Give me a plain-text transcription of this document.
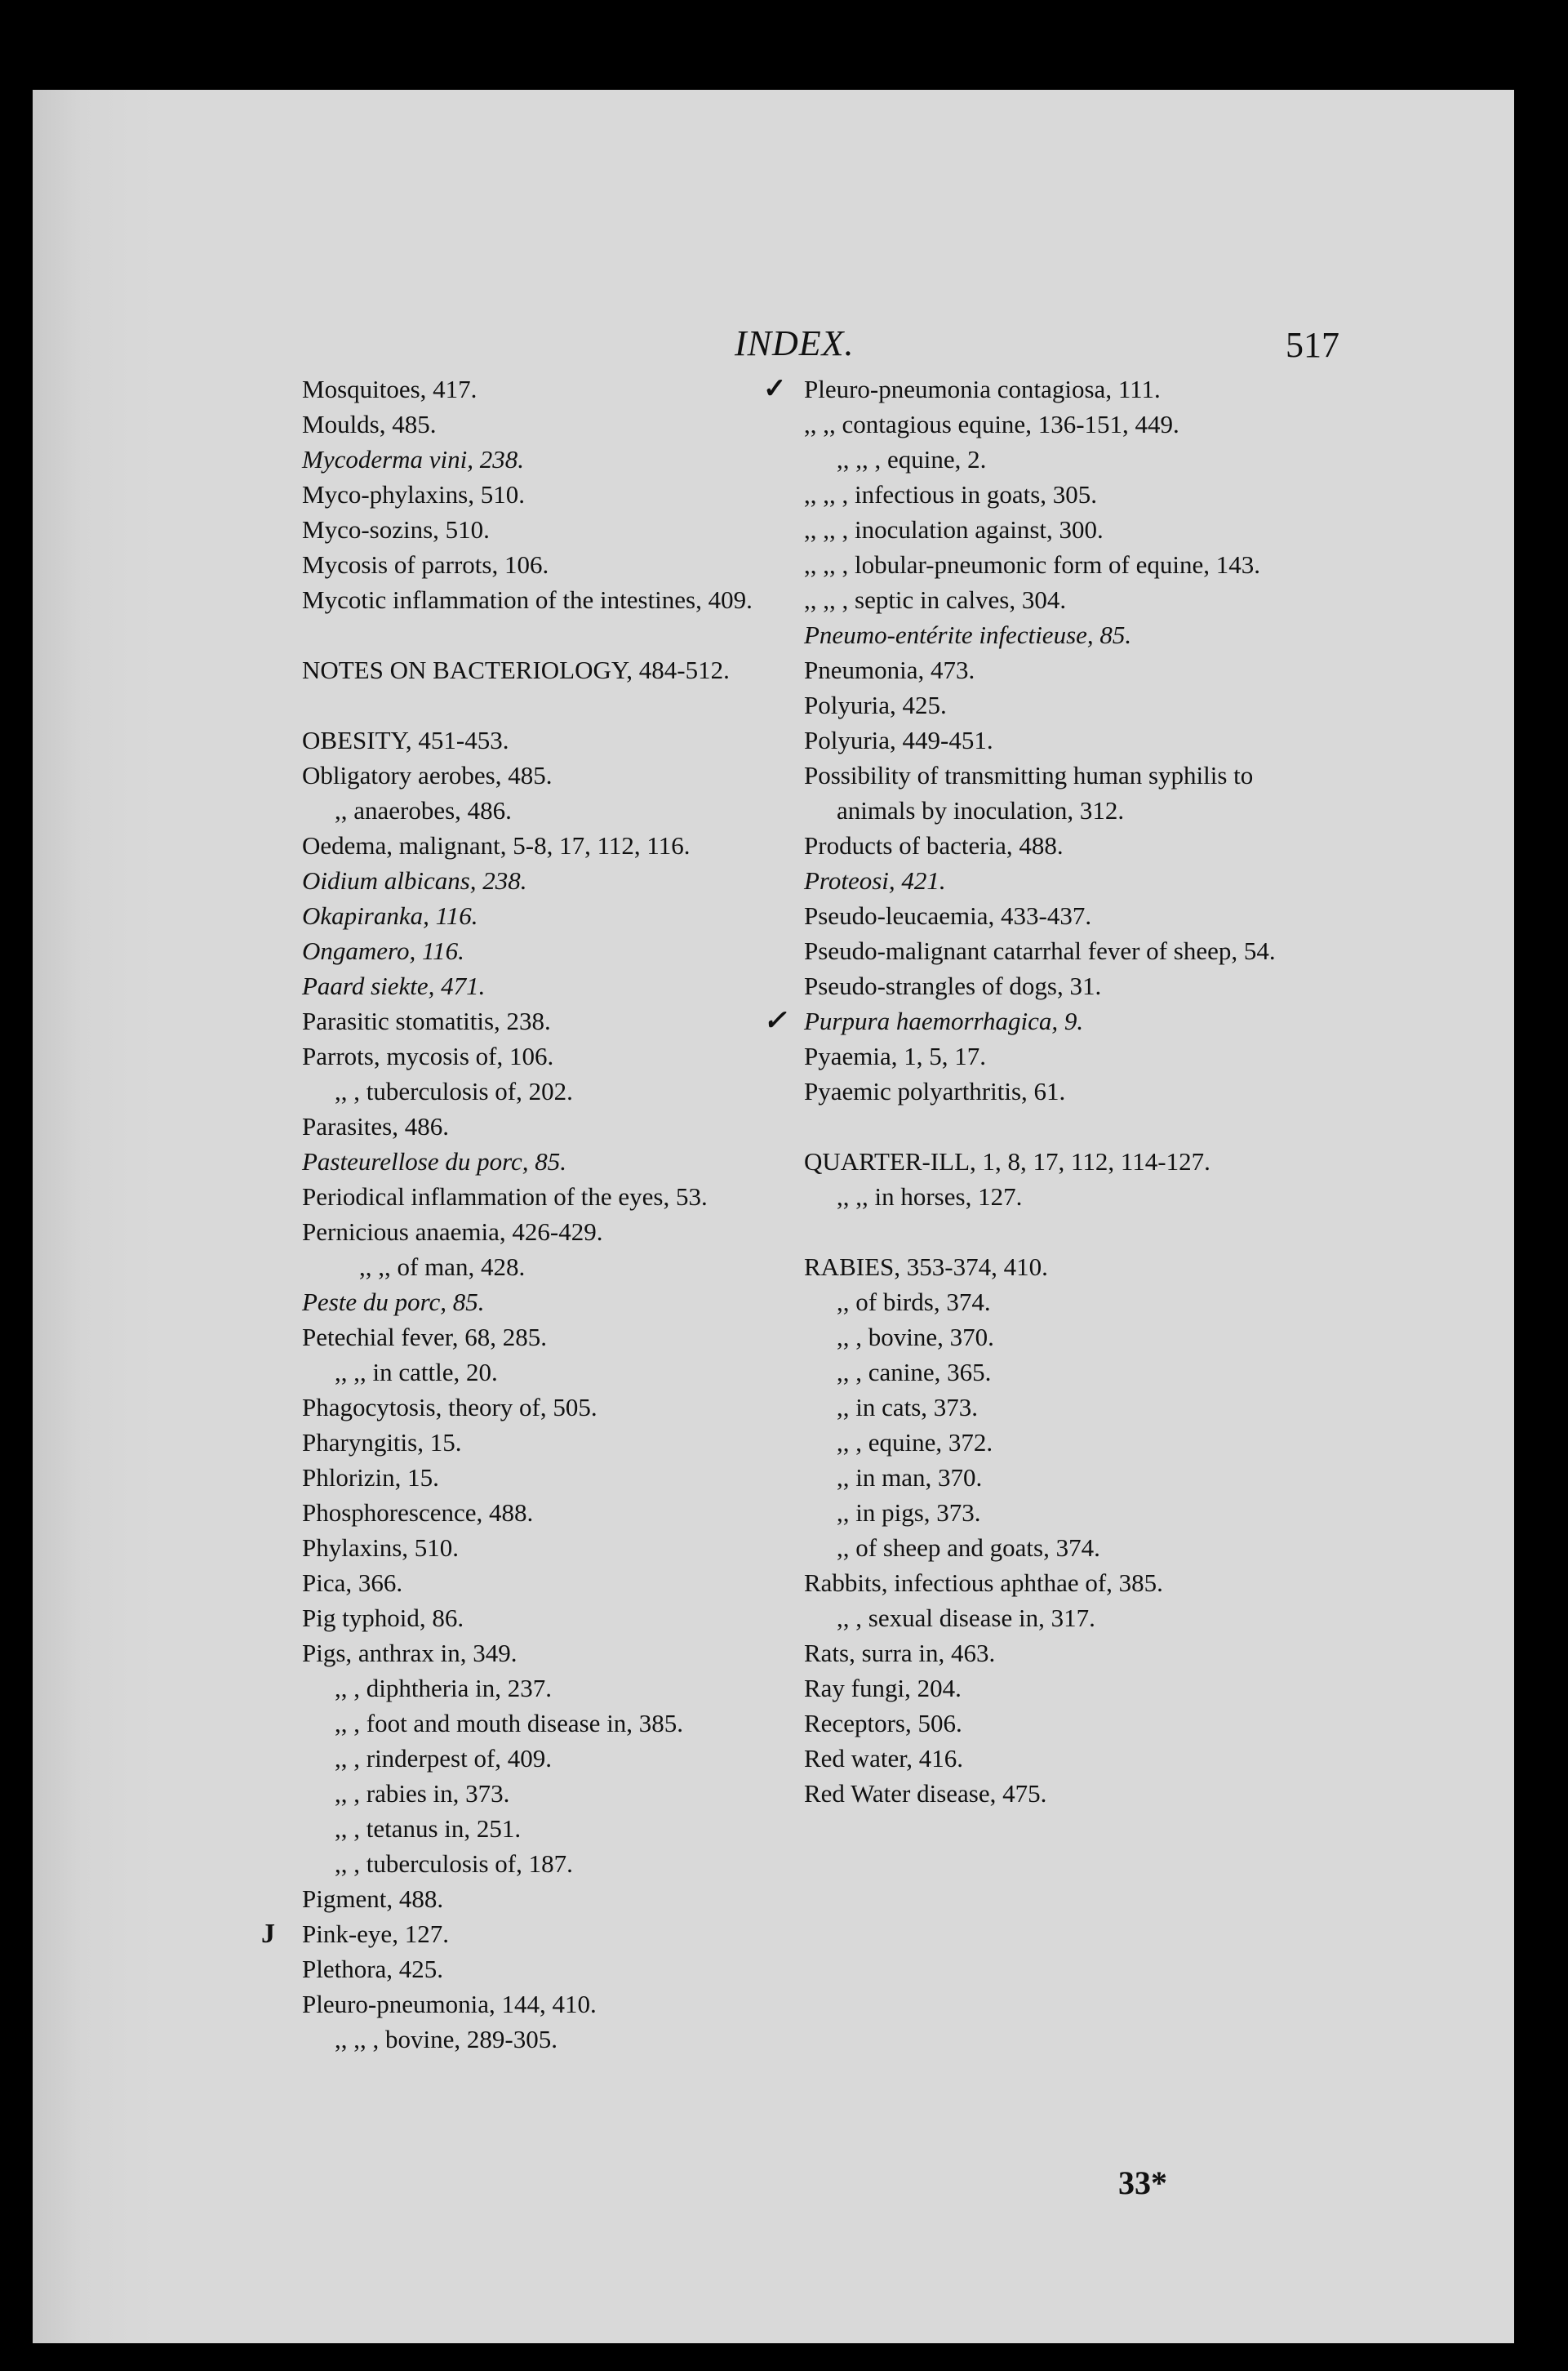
INDEX.	517
Mosquitoes, 417.
Moulds, 485.
Mycoderma vini, 238.
Myco-phylaxins, 510.
Myco-sozins, 510.
Mycosis of parrots, 106.
Mycotic inflammation of the intestines, 409.
NOTES ON BACTERIOLOGY, 484-512.
OBESITY, 451-453.
Obligatory aerobes, 485.
,, anaerobes, 486.
Oedema, malignant, 5-8, 17, 112, 116.
Oidium albicans, 238.
Okapiranka, 116.
Ongamero, 116.
Paard siekte, 471.
Parasitic stomatitis, 238.
Parrots, mycosis of, 106.
,, , tuberculosis of, 202.
Parasites, 486.
Pasteurellose du porc, 85.
Periodical inflammation of the eyes, 53.
Pernicious anaemia, 426-429.
,, ,, of man, 428.
Peste du porc, 85.
Petechial fever, 68, 285.
,, ,, in cattle, 20.
Phagocytosis, theory of, 505.
Pharyngitis, 15.
Phlorizin, 15.
Phosphorescence, 488.
Phylaxins, 510.
Pica, 366.
Pig typhoid, 86.
Pigs, anthrax in, 349.
,, , diphtheria in, 237.
,, , foot and mouth disease in, 385.
,, , rinderpest of, 409.
,, , rabies in, 373.
,, , tetanus in, 251.
,, , tuberculosis of, 187.
Pigment, 488.
J Pink-eye, 127.
Plethora, 425.
Pleuro-pneumonia, 144, 410.
,, ,, , bovine, 289-305.
✓ Pleuro-pneumonia contagiosa, 111.
,, ,, contagious equine, 136-151, 449.
,, ,, , equine, 2.
,, ,, , infectious in goats, 305.
,, ,, , inoculation against, 300.
,, ,, , lobular-pneumonic form of equine, 143.
,, ,, , septic in calves, 304.
Pneumo-entérite infectieuse, 85.
Pneumonia, 473.
Polyuria, 425.
Polyuria, 449-451.
Possibility of transmitting human syphilis to animals by inoculation, 312.
Products of bacteria, 488.
Proteosi, 421.
Pseudo-leucaemia, 433-437.
Pseudo-malignant catarrhal fever of sheep, 54.
Pseudo-strangles of dogs, 31.
✓ Purpura haemorrhagica, 9.
Pyaemia, 1, 5, 17.
Pyaemic polyarthritis, 61.
QUARTER-ILL, 1, 8, 17, 112, 114-127.
,, ,, in horses, 127.
RABIES, 353-374, 410.
,, of birds, 374.
,, , bovine, 370.
,, , canine, 365.
,, in cats, 373.
,, , equine, 372.
,, in man, 370.
,, in pigs, 373.
,, of sheep and goats, 374.
Rabbits, infectious aphthae of, 385.
,, , sexual disease in, 317.
Rats, surra in, 463.
Ray fungi, 204.
Receptors, 506.
Red water, 416.
Red Water disease, 475.
33*
